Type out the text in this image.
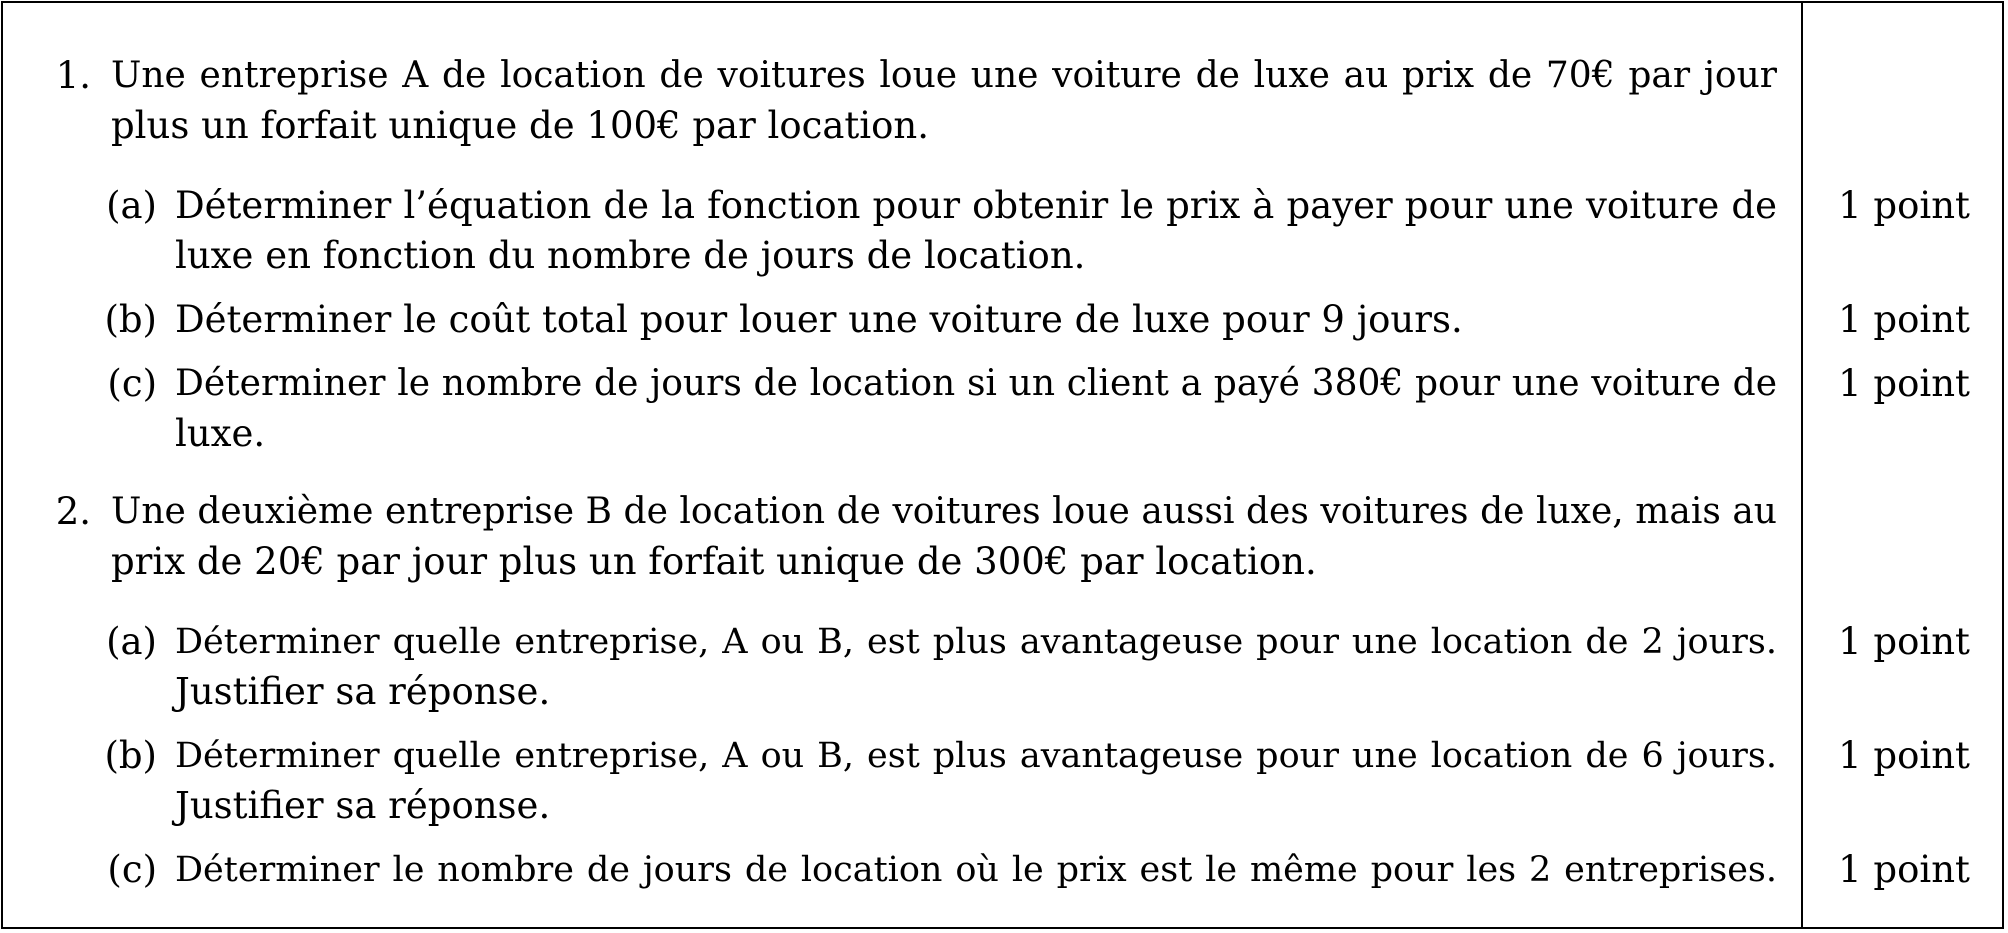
1. Une entreprise A de location de voitures loue une voiture de luxe au prix de 70€ par jour
plus un forfait unique de 100€ par location.
(a) Déterminer l’équation de la fonction pour obtenir le prix à payer pour une voiture de
luxe en fonction du nombre de jours de location.
1 point
(b) Déterminer le coût total pour louer une voiture de luxe pour 9 jours.	1 point
(c) Déterminer le nombre de jours de location si un client a payé 380€ pour une voiture de
luxe.
1 point
2. Une deuxième entreprise B de location de voitures loue aussi des voitures de luxe, mais au
prix de 20€ par jour plus un forfait unique de 300€ par location.
(a) Déterminer quelle entreprise, A ou B, est plus avantageuse pour une location de 2 jours.
Justifier sa réponse.
1 point
(b) Déterminer quelle entreprise, A ou B, est plus avantageuse pour une location de 6 jours.
Justifier sa réponse.
1 point
(c) Déterminer le nombre de jours de location où le prix est le même pour les 2 entreprises. 1 point
